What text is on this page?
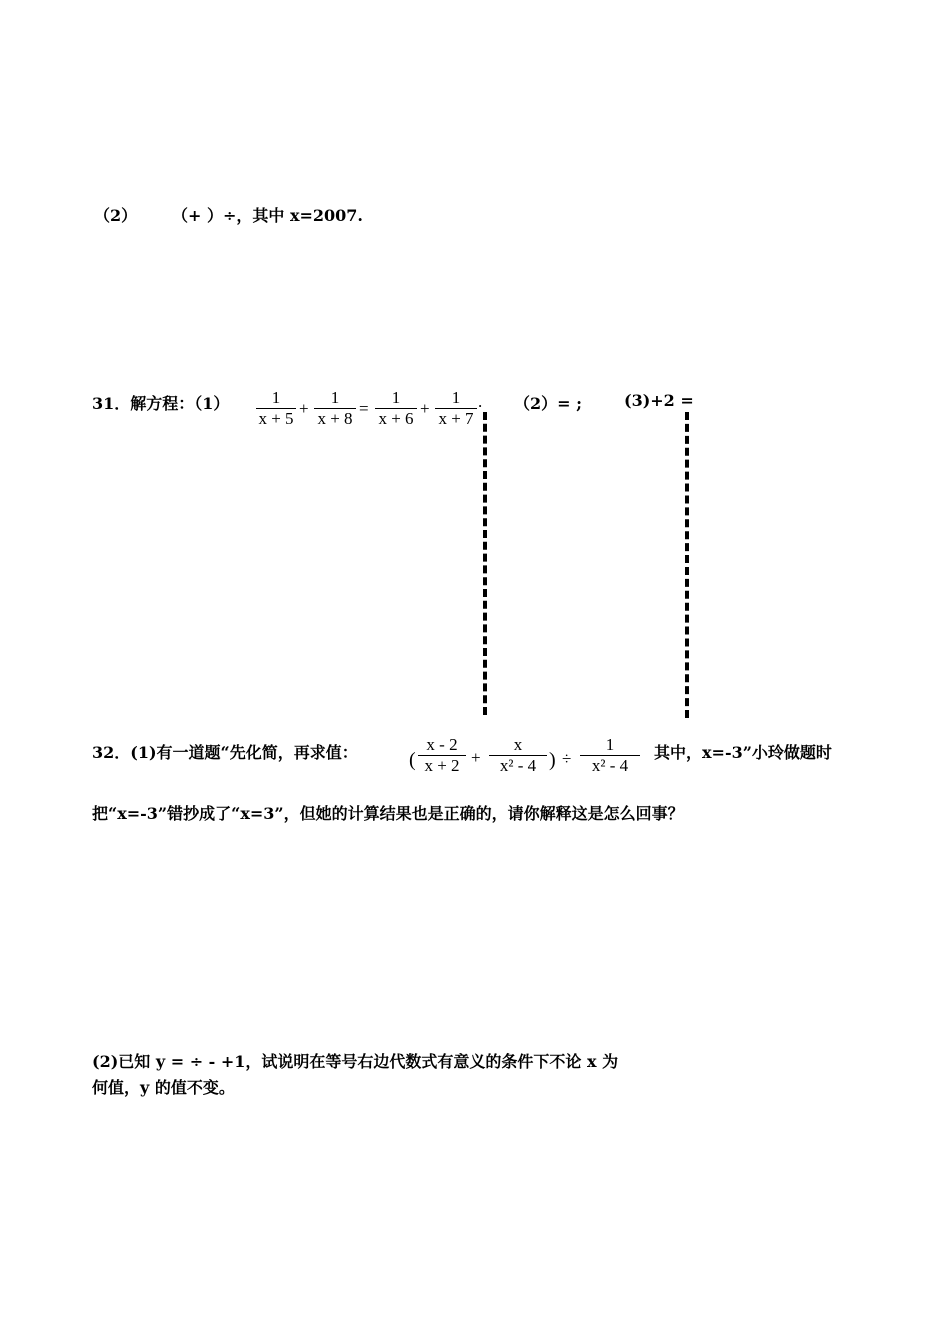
（2） （+ ）÷，其中 x=2007.
31．解方程：（1）	1
x + 5
+
1
x + 8
=
1
x + 6
+
1
x + 7
. （2）= ;	(3)+2 =
32．(1)有一道题“先化简，再求值：	(
x - 2
x + 2 +
x
x² - 4 ) ÷
1
x² - 4
其中，x=-3”小玲做题时
把“x=-3”错抄成了“x=3”，但她的计算结果也是正确的，请你解释这是怎么回事？
(2)已知 y = ÷ - +1，试说明在等号右边代数式有意义的条件下不论 x 为
何值，y 的值不变。
